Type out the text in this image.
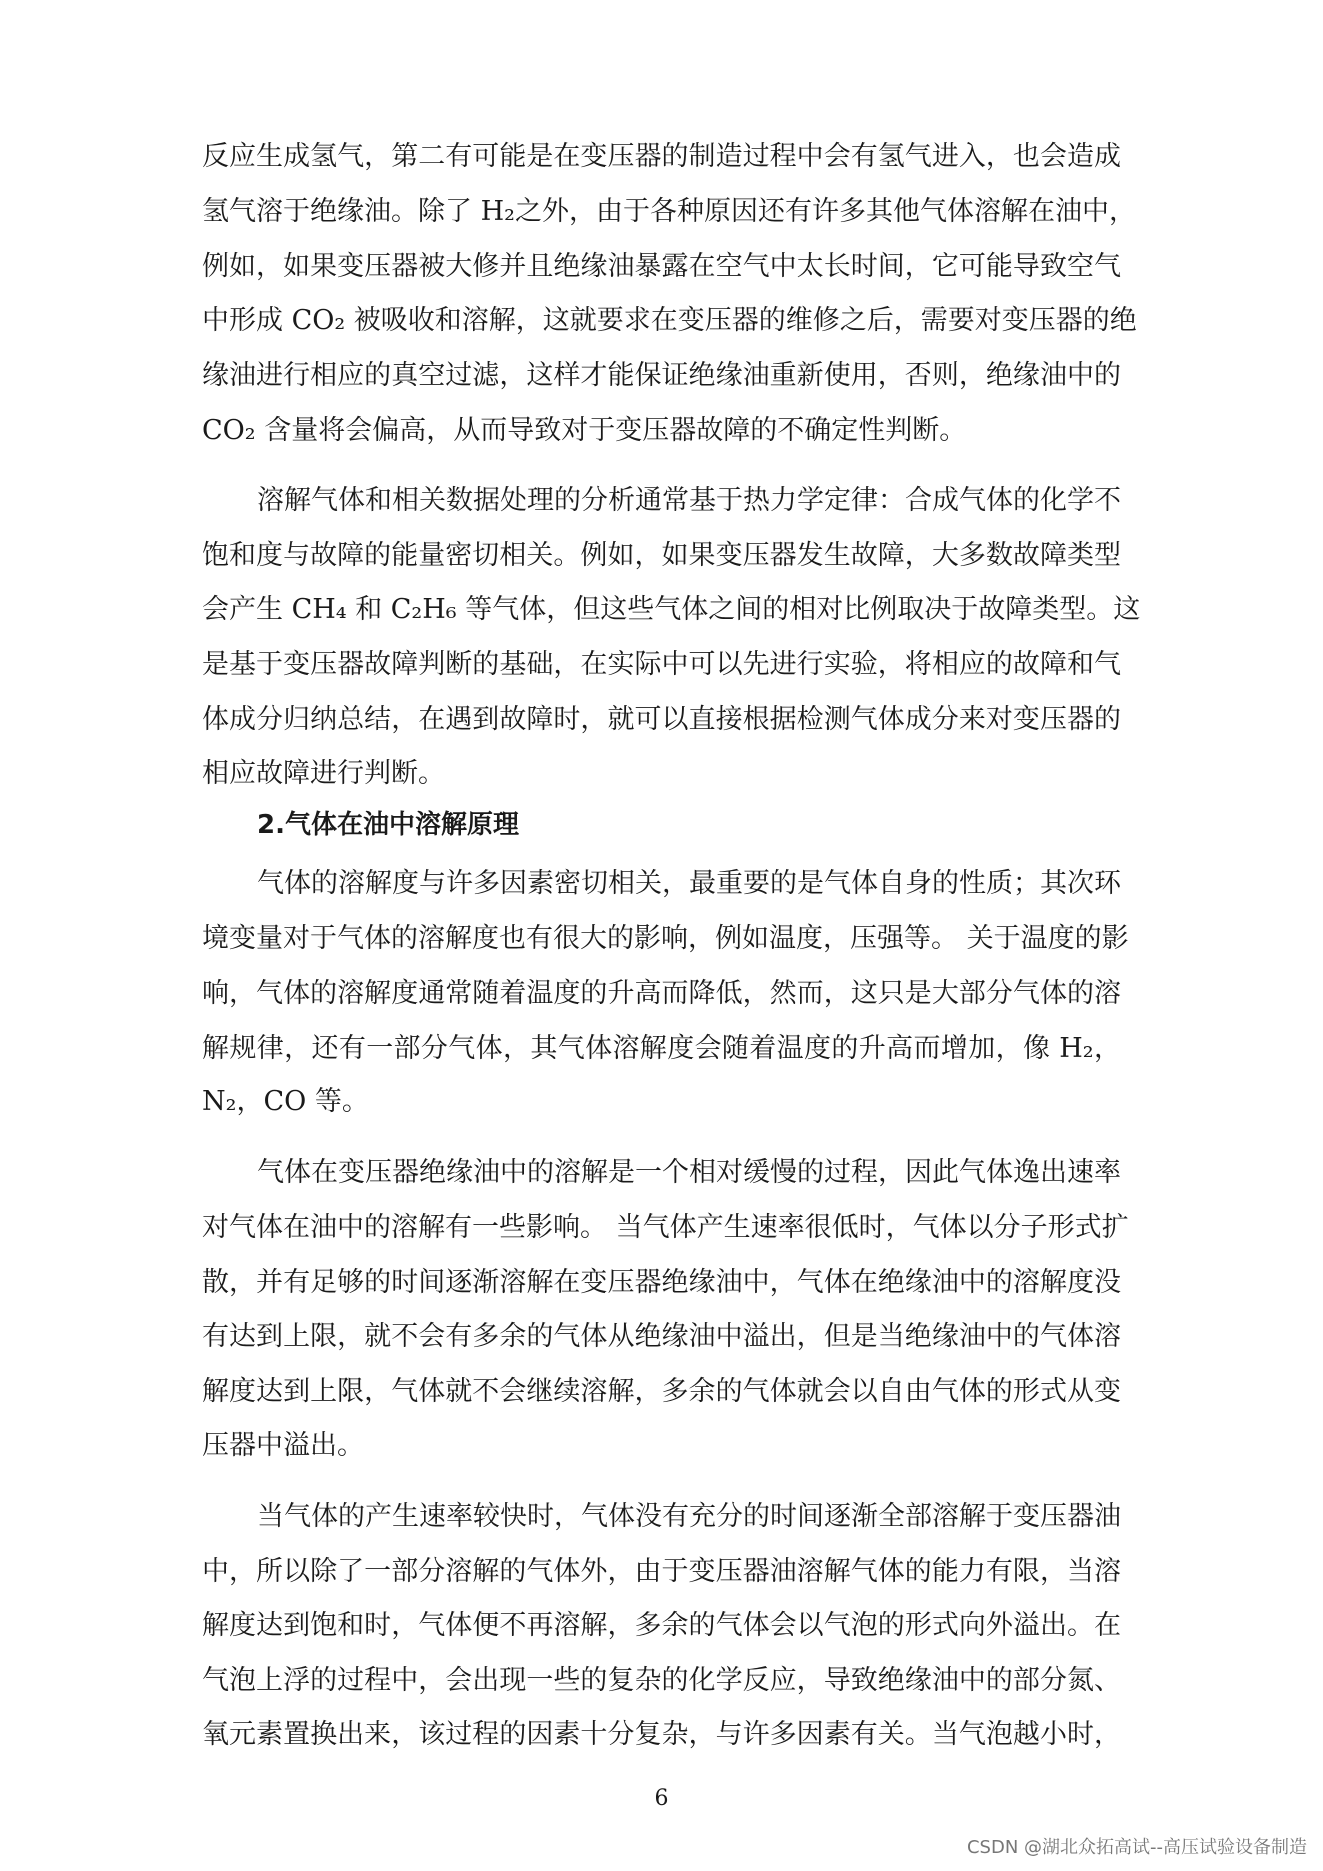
反应生成氢气，第二有可能是在变压器的制造过程中会有氢气进入，也会造成

氢气溶于绝缘油。除了 H₂之外，由于各种原因还有许多其他气体溶解在油中，

例如，如果变压器被大修并且绝缘油暴露在空气中太长时间，它可能导致空气

中形成 CO₂ 被吸收和溶解，这就要求在变压器的维修之后，需要对变压器的绝

缘油进行相应的真空过滤，这样才能保证绝缘油重新使用，否则，绝缘油中的

CO₂ 含量将会偏高，从而导致对于变压器故障的不确定性判断。

溶解气体和相关数据处理的分析通常基于热力学定律：合成气体的化学不

饱和度与故障的能量密切相关。例如，如果变压器发生故障，大多数故障类型

会产生 CH₄ 和 C₂H₆ 等气体，但这些气体之间的相对比例取决于故障类型。这

是基于变压器故障判断的基础，在实际中可以先进行实验，将相应的故障和气

体成分归纳总结，在遇到故障时，就可以直接根据检测气体成分来对变压器的

相应故障进行判断。

2.气体在油中溶解原理

气体的溶解度与许多因素密切相关，最重要的是气体自身的性质；其次环

境变量对于气体的溶解度也有很大的影响，例如温度，压强等。 关于温度的影

响，气体的溶解度通常随着温度的升高而降低，然而，这只是大部分气体的溶

解规律，还有一部分气体，其气体溶解度会随着温度的升高而增加，像 H₂，

N₂，CO 等。

气体在变压器绝缘油中的溶解是一个相对缓慢的过程，因此气体逸出速率

对气体在油中的溶解有一些影响。 当气体产生速率很低时，气体以分子形式扩

散，并有足够的时间逐渐溶解在变压器绝缘油中，气体在绝缘油中的溶解度没

有达到上限，就不会有多余的气体从绝缘油中溢出，但是当绝缘油中的气体溶

解度达到上限，气体就不会继续溶解，多余的气体就会以自由气体的形式从变

压器中溢出。

当气体的产生速率较快时，气体没有充分的时间逐渐全部溶解于变压器油

中，所以除了一部分溶解的气体外，由于变压器油溶解气体的能力有限，当溶

解度达到饱和时，气体便不再溶解，多余的气体会以气泡的形式向外溢出。在

气泡上浮的过程中，会出现一些的复杂的化学反应，导致绝缘油中的部分氮、

氧元素置换出来，该过程的因素十分复杂，与许多因素有关。当气泡越小时，

6
CSDN @湖北众拓高试--高压试验设备制造
